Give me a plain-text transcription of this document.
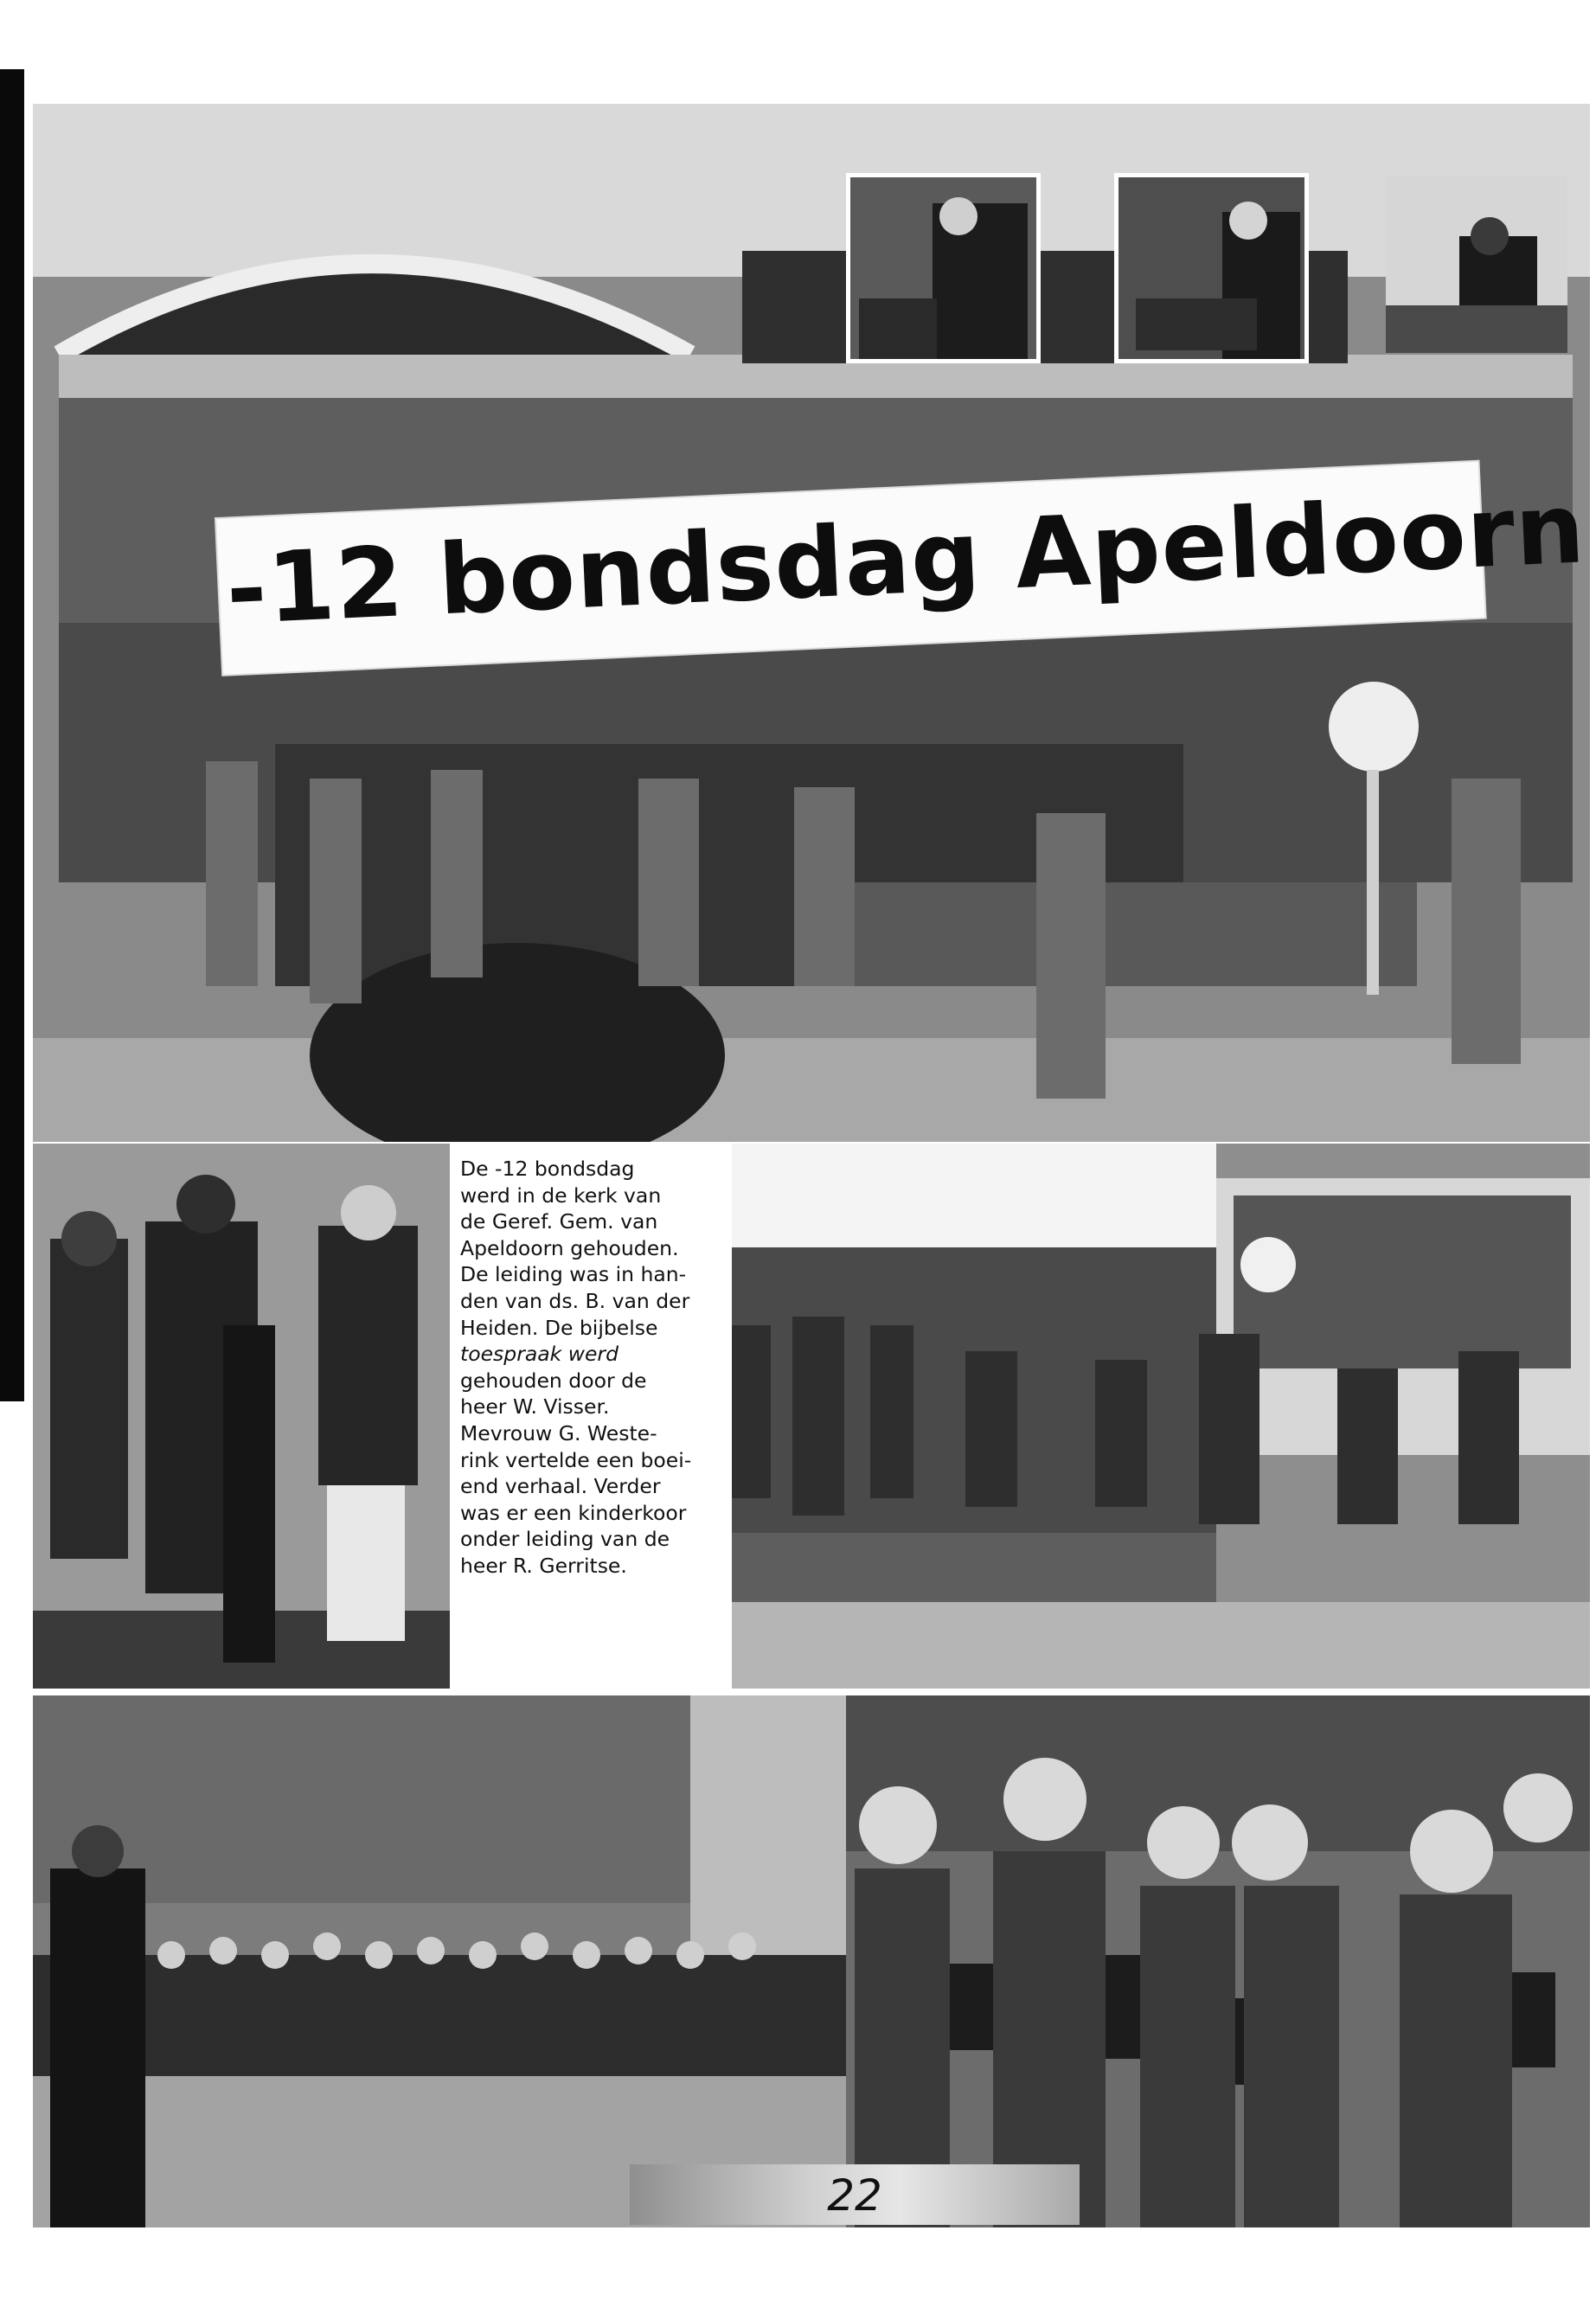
-12 bondsdag Apeldoorn
De -12 bondsdag
werd in de kerk van
de Geref. Gem. van
Apeldoorn gehouden.
De leiding was in han-
den van ds. B. van der
Heiden. De bijbelse
toespraak werd
gehouden door de
heer W. Visser.
Mevrouw G. Weste-
rink vertelde een boei-
end verhaal. Verder
was er een kinderkoor
onder leiding van de
heer R. Gerritse.
22
